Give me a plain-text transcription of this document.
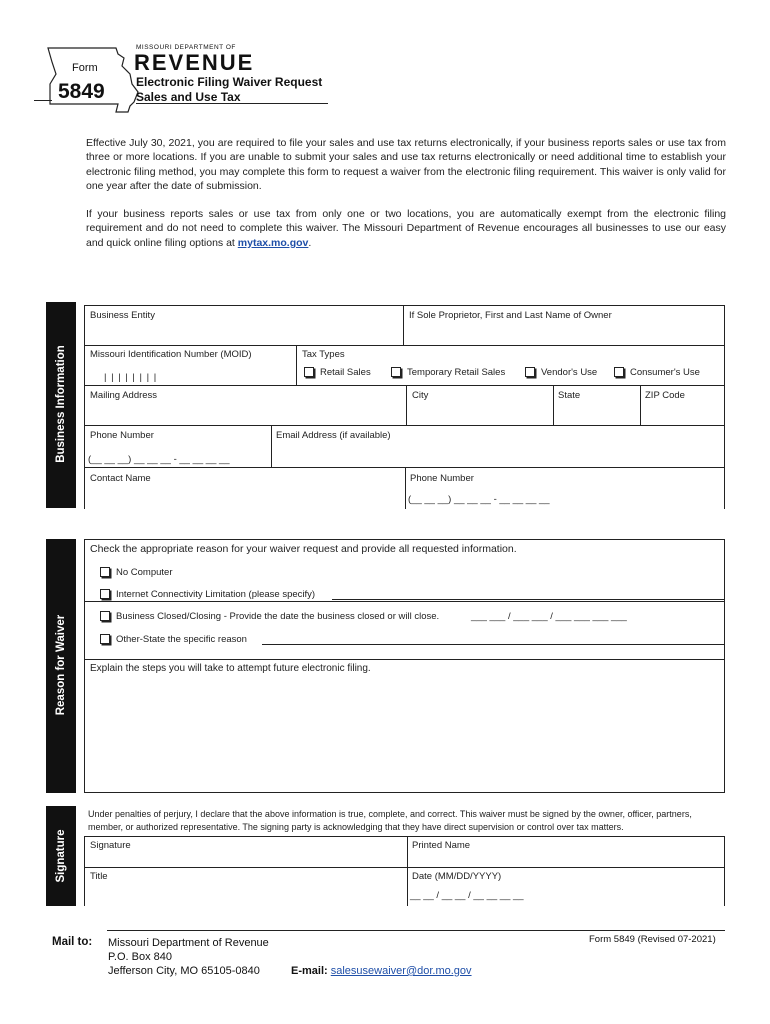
Form
5849
MISSOURI DEPARTMENT OF
REVENUE
Electronic Filing Waiver Request
Sales and Use Tax
Effective July 30, 2021, you are required to file your sales and use tax returns electronically, if your business reports sales or use tax from three or more locations. If you are unable to submit your sales and use tax returns electronically or need additional time to establish your electronic filing method, you may complete this form to request a waiver from the electronic filing requirement. This waiver is only valid for one year after the date of submission.
If your business reports sales or use tax from only one or two locations, you are automatically exempt from the electronic filing requirement and do not need to complete this waiver. The Missouri Department of Revenue encourages all businesses to use our easy and quick online filing options at mytax.mo.gov.
Business Information
Business Entity	If Sole Proprietor, First and Last Name of Owner
Missouri Identification Number (MOID)
| | | | | | | |
Tax Types
Retail Sales	Temporary Retail Sales	Vendor's Use	Consumer's Use
Mailing Address	City	State	ZIP Code
Phone Number
(__ __ __) __ __ __ - __ __ __ __
Email Address (if available)
Contact Name	Phone Number
(__ __ __) __ __ __ - __ __ __ __
Reason for Waiver
Check the appropriate reason for your waiver request and provide all requested information.
No Computer
Internet Connectivity Limitation (please specify)
Business Closed/Closing - Provide the date the business closed or will close.	___ ___ / ___ ___ / ___ ___ ___ ___
Other-State the specific reason
Explain the steps you will take to attempt future electronic filing.
Signature
Under penalties of perjury, I declare that the above information is true, complete, and correct. This waiver must be signed by the owner, officer, partners, member, or authorized representative. The signing party is acknowledging that they have direct supervision or control over tax matters.
Signature	Printed Name
Title	Date (MM/DD/YYYY)
__ __ / __ __ / __ __ __ __
Mail to: Missouri Department of Revenue
P.O. Box 840
Jefferson City, MO 65105-0840	E-mail: salesusewaiver@dor.mo.gov
Form 5849 (Revised 07-2021)
